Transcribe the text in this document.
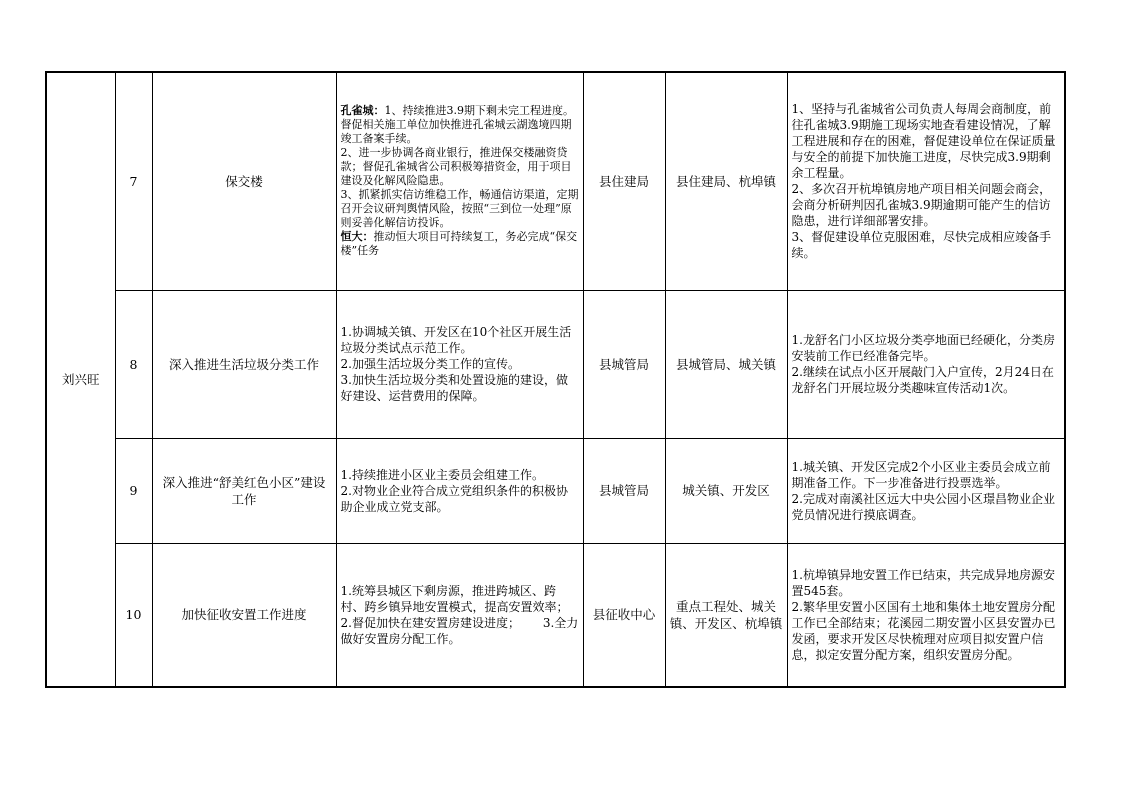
刘兴旺	7	保交楼	孔雀城：1、持续推进3.9期下剩未完工程进度。督促相关施工单位加快推进孔雀城云湖逸境四期竣工备案手续。
2、进一步协调各商业银行，推进保交楼融资贷款；督促孔雀城省公司积极筹措资金，用于项目建设及化解风险隐患。
3、抓紧抓实信访维稳工作，畅通信访渠道，定期召开会议研判舆情风险，按照“三到位一处理”原则妥善化解信访投诉。
恒大：推动恒大项目可持续复工，务必完成“保交楼”任务	县住建局	县住建局、杭埠镇	1、坚持与孔雀城省公司负责人每周会商制度，前往孔雀城3.9期施工现场实地查看建设情况，了解工程进展和存在的困难，督促建设单位在保证质量与安全的前提下加快施工进度，尽快完成3.9期剩余工程量。
2、多次召开杭埠镇房地产项目相关问题会商会，会商分析研判因孔雀城3.9期逾期可能产生的信访隐患，进行详细部署安排。
3、督促建设单位克服困难，尽快完成相应竣备手续。

	8	深入推进生活垃圾分类工作	1.协调城关镇、开发区在10个社区开展生活垃圾分类试点示范工作。
2.加强生活垃圾分类工作的宣传。
3.加快生活垃圾分类和处置设施的建设，做好建设、运营费用的保障。	县城管局	县城管局、城关镇	1.龙舒名门小区垃圾分类亭地面已经硬化，分类房安装前工作已经准备完毕。
2.继续在试点小区开展敲门入户宣传，2月24日在龙舒名门开展垃圾分类趣味宣传活动1次。

	9	深入推进“舒美红色小区”建设工作	1.持续推进小区业主委员会组建工作。
2.对物业企业符合成立党组织条件的积极协助企业成立党支部。	县城管局	城关镇、开发区	1.城关镇、开发区完成2个小区业主委员会成立前期准备工作。下一步准备进行投票选举。
2.完成对南溪社区远大中央公园小区璟昌物业企业党员情况进行摸底调查。

	10	加快征收安置工作进度	1.统筹县城区下剩房源，推进跨城区、跨村、跨乡镇异地安置模式，提高安置效率；      2.督促加快在建安置房建设进度；      3.全力做好安置房分配工作。	县征收中心	重点工程处、城关镇、开发区、杭埠镇	1.杭埠镇异地安置工作已结束，共完成异地房源安置545套。
2.繁华里安置小区国有土地和集体土地安置房分配工作已全部结束；花溪园二期安置小区县安置办已发函，要求开发区尽快梳理对应项目拟安置户信息，拟定安置分配方案，组织安置房分配。
